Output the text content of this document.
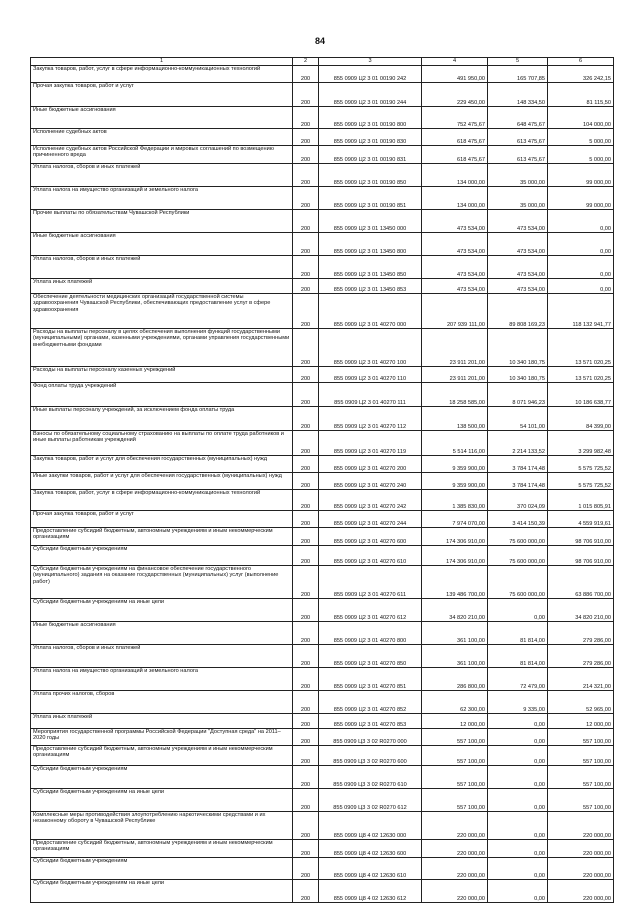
84
1	2	3	4	5	6
Закупка товаров, работ, услуг в сфере информационно-коммуникационных технологий	200	855 0909 Ц2 3 01 00190 242	491 950,00	165 707,85	326 242,15
Прочая закупка товаров, работ и услуг	200	855 0909 Ц2 3 01 00190 244	229 450,00	148 334,50	81 115,50
Иные бюджетные ассигнования	200	855 0909 Ц2 3 01 00190 800	752 475,67	648 475,67	104 000,00
Исполнение судебных актов	200	855 0909 Ц2 3 01 00190 830	618 475,67	613 475,67	5 000,00
Исполнение судебных актов Российской Федерации и мировых соглашений по возмещению причиненного вреда	200	855 0909 Ц2 3 01 00190 831	618 475,67	613 475,67	5 000,00
Уплата налогов, сборов и иных платежей	200	855 0909 Ц2 3 01 00190 850	134 000,00	35 000,00	99 000,00
Уплата налога на имущество организаций и земельного налога	200	855 0909 Ц2 3 01 00190 851	134 000,00	35 000,00	99 000,00
Прочие выплаты по обязательствам Чувашской Республики	200	855 0909 Ц2 3 01 13450 000	473 534,00	473 534,00	0,00
Иные бюджетные ассигнования	200	855 0909 Ц2 3 01 13450 800	473 534,00	473 534,00	0,00
Уплата налогов, сборов и иных платежей	200	855 0909 Ц2 3 01 13450 850	473 534,00	473 534,00	0,00
Уплата иных платежей	200	855 0909 Ц2 3 01 13450 853	473 534,00	473 534,00	0,00
Обеспечение деятельности медицинских организаций государственной системы здравоохранения Чувашской Республики, обеспечивающих предоставление услуг в сфере здравоохранения	200	855 0909 Ц2 3 01 40270 000	207 939 111,00	89 808 169,23	118 132 941,77
Расходы на выплаты персоналу в целях обеспечения выполнения функций государственными (муниципальными) органами, казенными учреждениями, органами управления государственными внебюджетными фондами	200	855 0909 Ц2 3 01 40270 100	23 911 201,00	10 340 180,75	13 571 020,25
Расходы на выплаты персоналу казенных учреждений	200	855 0909 Ц2 3 01 40270 110	23 911 201,00	10 340 180,75	13 571 020,25
Фонд оплаты труда учреждений	200	855 0909 Ц2 3 01 40270 111	18 258 585,00	8 071 946,23	10 186 638,77
Иные выплаты персоналу учреждений, за исключением фонда оплаты труда	200	855 0909 Ц2 3 01 40270 112	138 500,00	54 101,00	84 399,00
Взносы по обязательному социальному страхованию на выплаты по оплате труда работников и иные выплаты работникам учреждений	200	855 0909 Ц2 3 01 40270 119	5 514 116,00	2 214 133,52	3 299 982,48
Закупка товаров, работ и услуг для обеспечения государственных (муниципальных) нужд	200	855 0909 Ц2 3 01 40270 200	9 359 900,00	3 784 174,48	5 575 725,52
Иные закупки товаров, работ и услуг для обеспечения государственных (муниципальных) нужд	200	855 0909 Ц2 3 01 40270 240	9 359 900,00	3 784 174,48	5 575 725,52
Закупка товаров, работ, услуг в сфере информационно-коммуникационных технологий	200	855 0909 Ц2 3 01 40270 242	1 385 830,00	370 024,09	1 015 805,91
Прочая закупка товаров, работ и услуг	200	855 0909 Ц2 3 01 40270 244	7 974 070,00	3 414 150,39	4 559 919,61
Предоставление субсидий бюджетным, автономным учреждениям и иным некоммерческим организациям	200	855 0909 Ц2 3 01 40270 600	174 306 910,00	75 600 000,00	98 706 910,00
Субсидии бюджетным учреждениям	200	855 0909 Ц2 3 01 40270 610	174 306 910,00	75 600 000,00	98 706 910,00
Субсидии бюджетным учреждениям на финансовое обеспечение государственного (муниципального) задания на оказание государственных (муниципальных) услуг (выполнение работ)	200	855 0909 Ц2 3 01 40270 611	139 486 700,00	75 600 000,00	63 886 700,00
Субсидии бюджетным учреждениям на иные цели	200	855 0909 Ц2 3 01 40270 612	34 820 210,00	0,00	34 820 210,00
Иные бюджетные ассигнования	200	855 0909 Ц2 3 01 40270 800	361 100,00	81 814,00	279 286,00
Уплата налогов, сборов и иных платежей	200	855 0909 Ц2 3 01 40270 850	361 100,00	81 814,00	279 286,00
Уплата налога на имущество организаций и земельного налога	200	855 0909 Ц2 3 01 40270 851	286 800,00	72 479,00	214 321,00
Уплата прочих налогов, сборов	200	855 0909 Ц2 3 01 40270 852	62 300,00	9 335,00	52 965,00
Уплата иных платежей	200	855 0909 Ц2 3 01 40270 853	12 000,00	0,00	12 000,00
Мероприятия государственной программы Российской Федерации "Доступная среда" на 2011–2020 годы	200	855 0909 Ц3 3 02 R0270 000	557 100,00	0,00	557 100,00
Предоставление субсидий бюджетным, автономным учреждениям и иным некоммерческим организациям	200	855 0909 Ц3 3 02 R0270 600	557 100,00	0,00	557 100,00
Субсидии бюджетным учреждениям	200	855 0909 Ц3 3 02 R0270 610	557 100,00	0,00	557 100,00
Субсидии бюджетным учреждениям на иные цели	200	855 0909 Ц3 3 02 R0270 612	557 100,00	0,00	557 100,00
Комплексные меры противодействия злоупотреблению наркотическими средствами и их незаконному обороту в Чувашской Республике	200	855 0909 Ц8 4 02 12630 000	220 000,00	0,00	220 000,00
Предоставление субсидий бюджетным, автономным учреждениям и иным некоммерческим организациям	200	855 0909 Ц8 4 02 12630 600	220 000,00	0,00	220 000,00
Субсидии бюджетным учреждениям	200	855 0909 Ц8 4 02 12630 610	220 000,00	0,00	220 000,00
Субсидии бюджетным учреждениям на иные цели	200	855 0909 Ц8 4 02 12630 612	220 000,00	0,00	220 000,00
